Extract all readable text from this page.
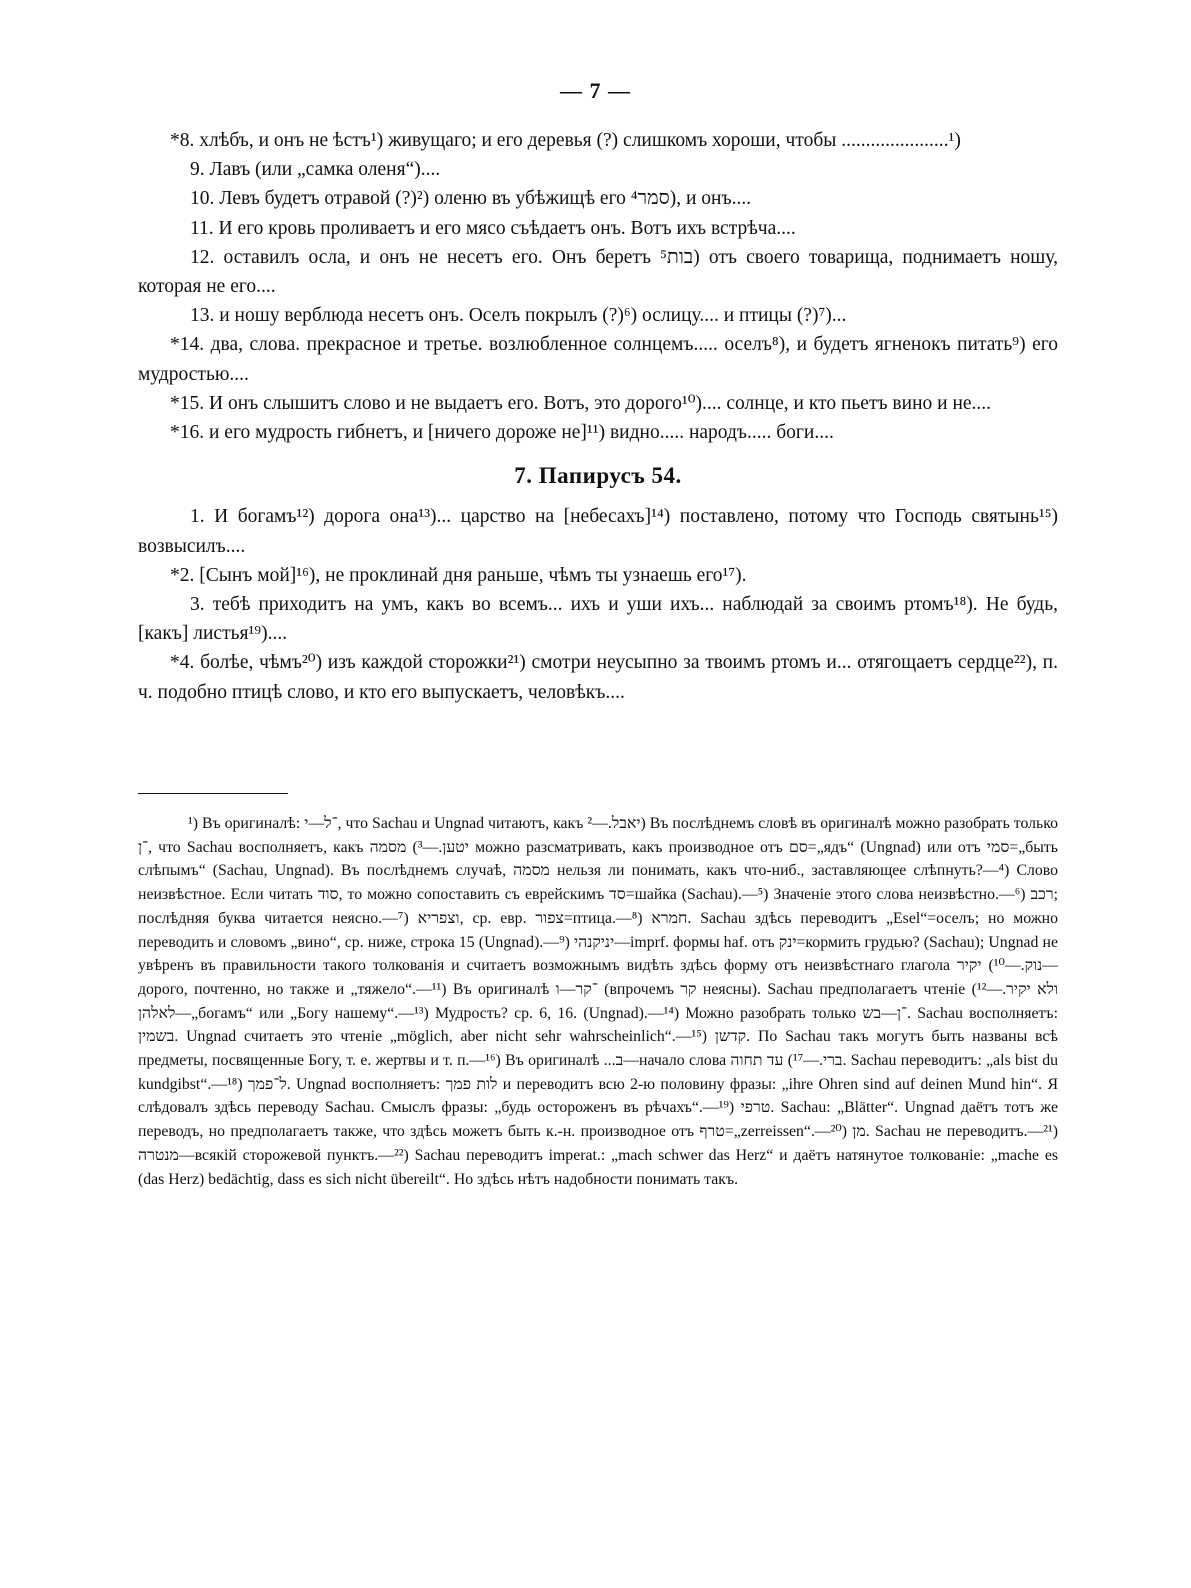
— 7 —

*8. хлѣбъ, и онъ не ѣстъ¹) живущаго; и его деревья (?) слишкомъ хороши, чтобы ......................¹)

9. Лавъ (или „самка оленя“)....

10. Левъ будетъ отравой (?)²) оленю въ убѣжищѣ его סמר⁴), и онъ....

11. И его кровь проливаетъ и его мясо съѣдаетъ онъ. Вотъ ихъ встрѣча....

12. оставилъ осла, и онъ не несетъ его. Онъ беретъ בות⁵) отъ своего товарища, поднимаетъ ношу, которая не его....

13. и ношу верблюда несетъ онъ. Оселъ покрылъ (?)⁶) ослицу.... и птицы (?)⁷)...

*14. два, слова. прекрасное и третье. возлюбленное солнцемъ..... оселъ⁸), и будетъ ягненокъ питать⁹) его мудростью....

*15. И онъ слышитъ слово и не выдаетъ его. Вотъ, это дорого¹⁰).... солнце, и кто пьетъ вино и не....

*16. и его мудрость гибнетъ, и [ничего дороже не]¹¹) видно..... народъ..... боги....

7. Папирусъ 54.

1. И богамъ¹²) дорога она¹³)... царство на [небесахъ]¹⁴) поставлено, потому что Господь святынь¹⁵) возвысилъ....

*2. [Сынъ мой]¹⁶), не проклинай дня раньше, чѣмъ ты узнаешь его¹⁷).

3. тебѣ приходитъ на умъ, какъ во всемъ... ихъ и уши ихъ... наблюдай за своимъ ртомъ¹⁸). Не будь, [какъ] листья¹⁹)....

*4. болѣе, чѣмъ²⁰) изъ каждой сторожки²¹) смотри неусыпно за твоимъ ртомъ и... отягощаетъ сердце²²), п. ч. подобно птицѣ слово, и кто его выпускаетъ, человѣкъ....

¹) Въ оригиналѣ: ־ל—י, что Sachau и Ungnad читаютъ, какъ יאבל.—²) Въ послѣднемъ словѣ въ оригиналѣ можно разобрать только ־ן, что Sachau восполняетъ, какъ יטען.—³) מסמה можно разсматривать, какъ производное отъ סם=„ядъ“ (Ungnad) или отъ סמי=„быть слѣпымъ“ (Sachau, Ungnad). Въ послѣднемъ случаѣ, מסמה нельзя ли понимать, какъ что-ниб., заставляющее слѣпнуть?—⁴) Слово неизвѣстное. Если читать סוד, то можно сопоставить съ еврейскимъ סד=шайка (Sachau).—⁵) Значеніе этого слова неизвѣстно.—⁶) רכב; послѣдняя буква читается неясно.—⁷) וצפריא, ср. евр. צפור=птица.—⁸) חמרא. Sachau здѣсь переводитъ „Esel“=оселъ; но можно переводить и словомъ „вино“, ср. ниже, строка 15 (Ungnad).—⁹) יניקנהי—imprf. формы haf. отъ ינק=кормить грудью? (Sachau); Ungnad не увѣренъ въ правильности такого толкованія и считаетъ возможнымъ видѣть здѣсь форму отъ неизвѣстнаго глагола נוק.—¹⁰) יקיר—дорого, почтенно, но также и „тяжело“.—¹¹) Въ оригиналѣ ־קר—ו (впрочемъ קר неясны). Sachau предполагаетъ чтеніе ולא יקיר.—¹²) לאלהן—„богамъ“ или „Богу нашему“.—¹³) Мудрость? ср. 6, 16. (Ungnad).—¹⁴) Можно разобрать только ־ן—בש. Sachau восполняетъ: בשמין. Ungnad считаетъ это чтеніе „möglich, aber nicht sehr wahrscheinlich“.—¹⁵) קדשן. По Sachau такъ могутъ быть названы всѣ предметы, посвященные Богу, т. е. жертвы и т. п.—¹⁶) Въ оригиналѣ ...ב—начало слова ברי.—¹⁷) עד תחוה. Sachau переводитъ: „als bist du kundgibst“.—¹⁸) ל־פמך. Ungnad восполняетъ: לות פמך и переводитъ всю 2-ю половину фразы: „ihre Ohren sind auf deinen Mund hin“. Я слѣдовалъ здѣсь переводу Sachau. Смыслъ фразы: „будь остороженъ въ рѣчахъ“.—¹⁹) טרפי. Sachau: „Blätter“. Ungnad даётъ тотъ же переводъ, но предполагаетъ также, что здѣсь можетъ быть к.-н. производное отъ טרף=„zerreissen“.—²⁰) מן. Sachau не переводитъ.—²¹) מנטרה—всякій сторожевой пунктъ.—²²) Sachau переводитъ imperat.: „mach schwer das Herz“ и даётъ натянутое толкованіе: „mache es (das Herz) bedächtig, dass es sich nicht übereilt“. Но здѣсь нѣтъ надобности понимать такъ.
